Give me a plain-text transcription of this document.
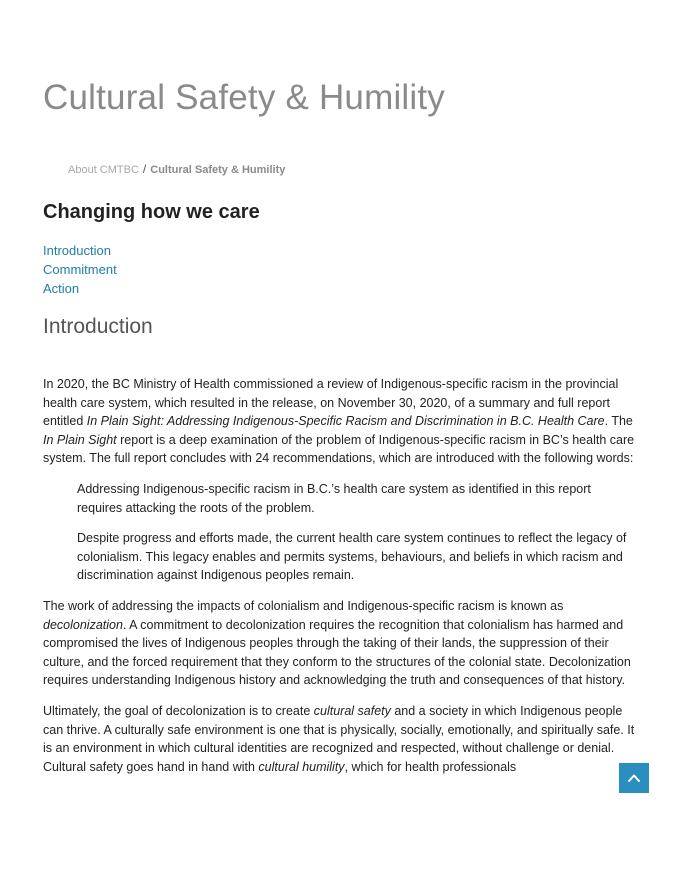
Cultural Safety & Humility
About CMTBC / Cultural Safety & Humility
Changing how we care
Introduction
Commitment
Action
Introduction

In 2020, the BC Ministry of Health commissioned a review of Indigenous-specific racism in the provincial health care system, which resulted in the release, on November 30, 2020, of a summary and full report entitled In Plain Sight: Addressing Indigenous-Specific Racism and Discrimination in B.C. Health Care. The In Plain Sight report is a deep examination of the problem of Indigenous-specific racism in BC’s health care system. The full report concludes with 24 recommendations, which are introduced with the following words:

Addressing Indigenous-specific racism in B.C.’s health care system as identified in this report requires attacking the roots of the problem.

Despite progress and efforts made, the current health care system continues to reflect the legacy of colonialism. This legacy enables and permits systems, behaviours, and beliefs in which racism and discrimination against Indigenous peoples remain.

The work of addressing the impacts of colonialism and Indigenous-specific racism is known as decolonization. A commitment to decolonization requires the recognition that colonialism has harmed and compromised the lives of Indigenous peoples through the taking of their lands, the suppression of their culture, and the forced requirement that they conform to the structures of the colonial state. Decolonization requires understanding Indigenous history and acknowledging the truth and consequences of that history.

Ultimately, the goal of decolonization is to create cultural safety and a society in which Indigenous people can thrive. A culturally safe environment is one that is physically, socially, emotionally, and spiritually safe. It is an environment in which cultural identities are recognized and respected, without challenge or denial. Cultural safety goes hand in hand with cultural humility, which for health professionals
